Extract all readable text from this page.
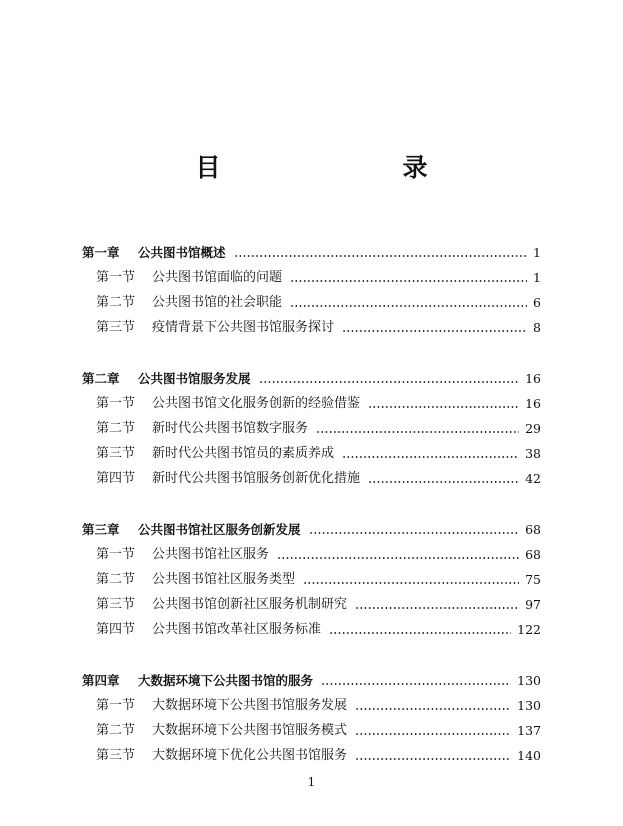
目　　录
第一章	公共图书馆概述	1
第一节	公共图书馆面临的问题	1
第二节	公共图书馆的社会职能	6
第三节	疫情背景下公共图书馆服务探讨	8
第二章	公共图书馆服务发展	16
第一节	公共图书馆文化服务创新的经验借鉴	16
第二节	新时代公共图书馆数字服务	29
第三节	新时代公共图书馆员的素质养成	38
第四节	新时代公共图书馆服务创新优化措施	42
第三章	公共图书馆社区服务创新发展	68
第一节	公共图书馆社区服务	68
第二节	公共图书馆社区服务类型	75
第三节	公共图书馆创新社区服务机制研究	97
第四节	公共图书馆改革社区服务标准	122
第四章	大数据环境下公共图书馆的服务	130
第一节	大数据环境下公共图书馆服务发展	130
第二节	大数据环境下公共图书馆服务模式	137
第三节	大数据环境下优化公共图书馆服务	140
1
